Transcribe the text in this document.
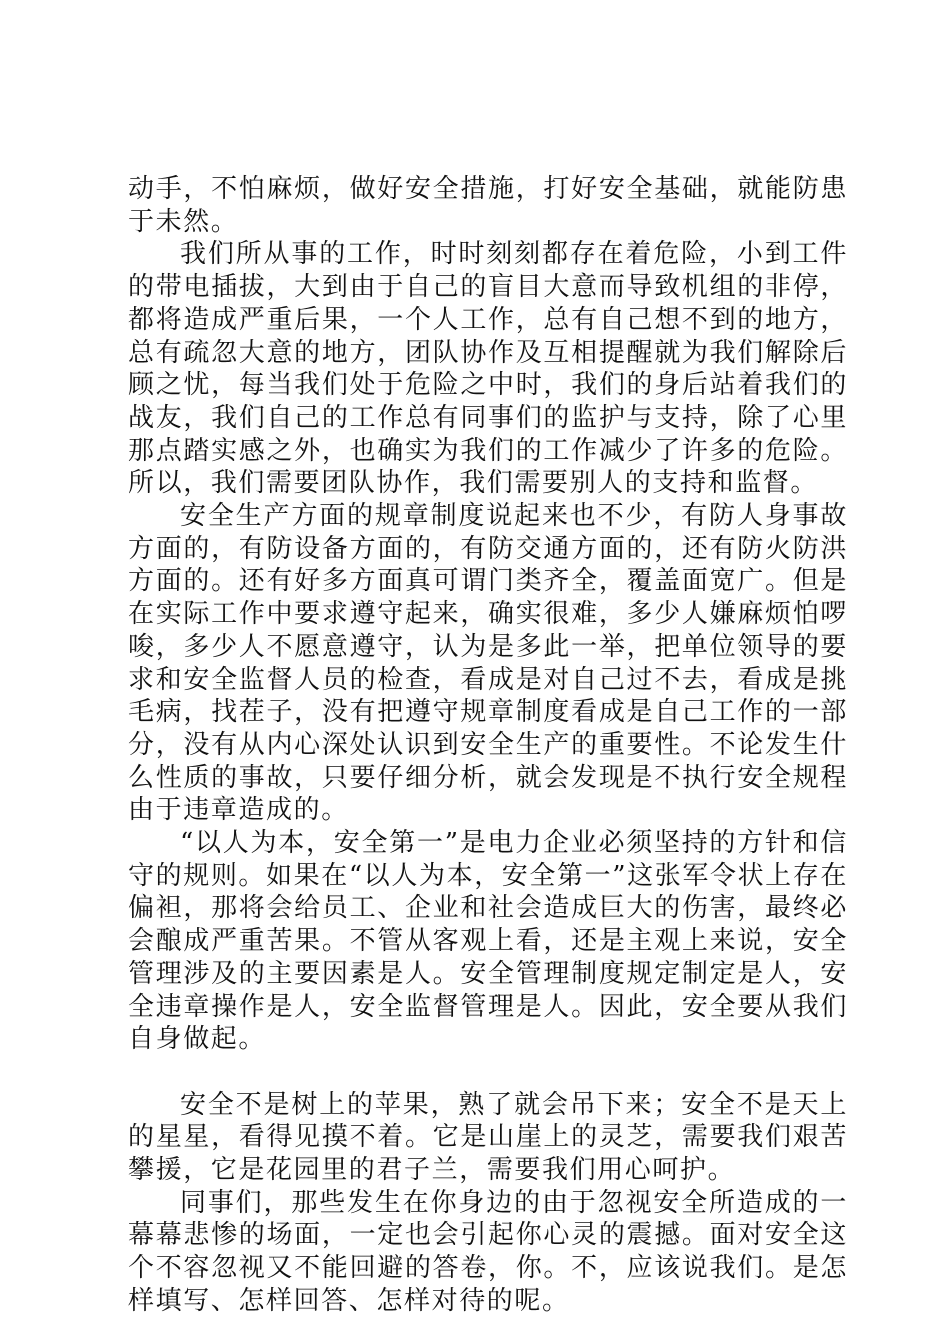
动手，不怕麻烦，做好安全措施，打好安全基础，就能防患于未然。

我们所从事的工作，时时刻刻都存在着危险，小到工件的带电插拔，大到由于自己的盲目大意而导致机组的非停，都将造成严重后果，一个人工作，总有自己想不到的地方，总有疏忽大意的地方，团队协作及互相提醒就为我们解除后顾之忧，每当我们处于危险之中时，我们的身后站着我们的战友，我们自己的工作总有同事们的监护与支持，除了心里那点踏实感之外，也确实为我们的工作减少了许多的危险。所以，我们需要团队协作，我们需要别人的支持和监督。

安全生产方面的规章制度说起来也不少，有防人身事故方面的，有防设备方面的，有防交通方面的，还有防火防洪方面的。还有好多方面真可谓门类齐全，覆盖面宽广。但是在实际工作中要求遵守起来，确实很难，多少人嫌麻烦怕啰唆，多少人不愿意遵守，认为是多此一举，把单位领导的要求和安全监督人员的检查，看成是对自己过不去，看成是挑毛病，找茬子，没有把遵守规章制度看成是自己工作的一部分，没有从内心深处认识到安全生产的重要性。不论发生什么性质的事故，只要仔细分析，就会发现是不执行安全规程由于违章造成的。

“以人为本，安全第一”是电力企业必须坚持的方针和信守的规则。如果在“以人为本，安全第一”这张军令状上存在偏袒，那将会给员工、企业和社会造成巨大的伤害，最终必会酿成严重苦果。不管从客观上看，还是主观上来说，安全管理涉及的主要因素是人。安全管理制度规定制定是人，安全违章操作是人，安全监督管理是人。因此，安全要从我们自身做起。

安全不是树上的苹果，熟了就会吊下来；安全不是天上的星星，看得见摸不着。它是山崖上的灵芝，需要我们艰苦攀援，它是花园里的君子兰，需要我们用心呵护。

同事们，那些发生在你身边的由于忽视安全所造成的一幕幕悲惨的场面，一定也会引起你心灵的震撼。面对安全这个不容忽视又不能回避的答卷，你。不，应该说我们。是怎样填写、怎样回答、怎样对待的呢。
